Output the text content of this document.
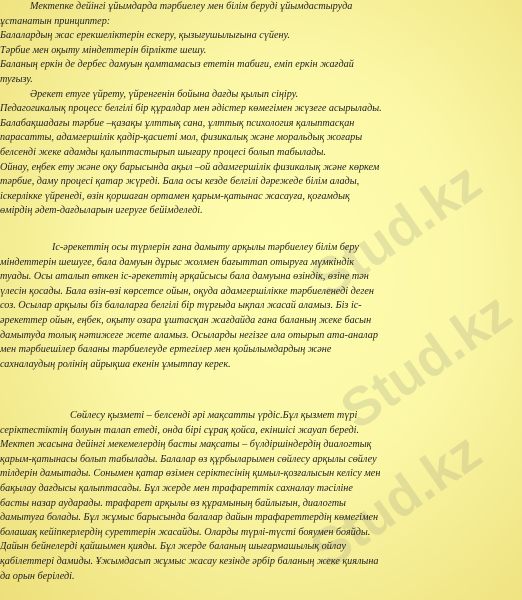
Stud.kz
Stud.kz
Stud.kz
Мектепке дейінгі ұйымдарда тәрбиелеу мен білім беруді ұйымдастыруда
ұстанатын принциптер:
Балалардың жас ерекшеліктерін ескеру, қызығушылығына сүйену.
Тәрбие мен оқыту міндеттерін бірлікте шешу.
Баланың еркін де дербес дамуын қамтамасыз ететін табиғи, еміп еркін жағдай
туғызу.
Әрекет етуге үйрету, үйренгенін бойына дағды қылып сіңіру.
Педагогикалық процесс белгілі бір құралдар мен әдістер көмегімен жүзеге асырылады.
Балабақшадағы тәрбие –қазақы ұлттық сана, ұлттық психология қалыптасқан
парасатты, адамгершілік қадір-қасиеті мол, физикалық және моральдық жоғары
белсенді жеке адамды қалыптастырып шығару процесі болып табылады.
Ойнау, еңбек ету және оқу барысында ақыл –ой адамгершілік физикалық және көркем
тәрбие, даму процесі қатар жүреді. Бала осы кезде белгілі дәрежеде білім алады,
іскерлікке үйренеді, өзін қоршаған ортамен қарым-қатынас жасауға, қоғамдық
өмірдің әдет-дағдыларын игеруге бейімделеді.
Іс-әрекеттің осы түрлерін ғана дамыту арқылы тәрбиелеу білім беру
міндеттерін шешуге, бала дамуын дұрыс жолмен бағыттап отыруға мүмкіндік
туады. Осы аталып өткен іс-әрекеттің әрқайсысы бала дамуына өзіндік, өзіне тән
үлесін қосады. Бала өзін-өзі көрсетсе ойын, оқуда адамгершілікке тәрбиеленеді деген
соз. Осылар арқылы біз балаларға белгілі бір түрғыда ықпал жасай аламыз. Біз іс-
әрекеттер ойын, еңбек, оқыту озара ұштасқан жағдайда ғана баланың жеке басын
дамытуда толық нәтижеге жете аламыз. Осыларды негізге ала отырып ата-аналар
мен тәрбиешілер баланы тәрбиелеуде ертегілер мен қойылымдардың және
сахналаудың ролінің айрықша екенін ұмытпау керек.
Сөйлесу қызметі – белсенді әрі мақсатты үрдіс.Бұл қызмет түрі
серіктестіктің болуын талап етеді, онда бірі сұрақ қойса, екіншісі жауап береді.
Мектеп жасына дейінгі мекемелердің басты мақсаты – бүлдіршіндердің диалогтық
қарым-қатынасы болып табылады. Балалар өз құрбыларымен сөйлесу арқылы сөйлеу
тілдерін дамытады. Сонымен қатар өзімен серіктесінің қимыл-қозғалысын келісу мен
бақылау дағдысы қалыптасады. Бұл жерде мен трафареттік сахналау тәсіліне
басты назар аударады. трафарет арқылы өз құрамының байлығын, диалогты
дамытуға болады. Бұл жұмыс барысында балалар дайын трафареттердің көмегімен
болашақ кейіпкерлердің суреттерін жасайды. Оларды түрлі-түсті бояумен бояйды.
Дайын бейнелерді қайшымен қияды. Бұл жерде баланың шығармашылық ойлау
қабілеттері дамиды. Ұжымдасып жұмыс жасау кезінде әрбір баланың жеке қиялына
да орын беріледі.
